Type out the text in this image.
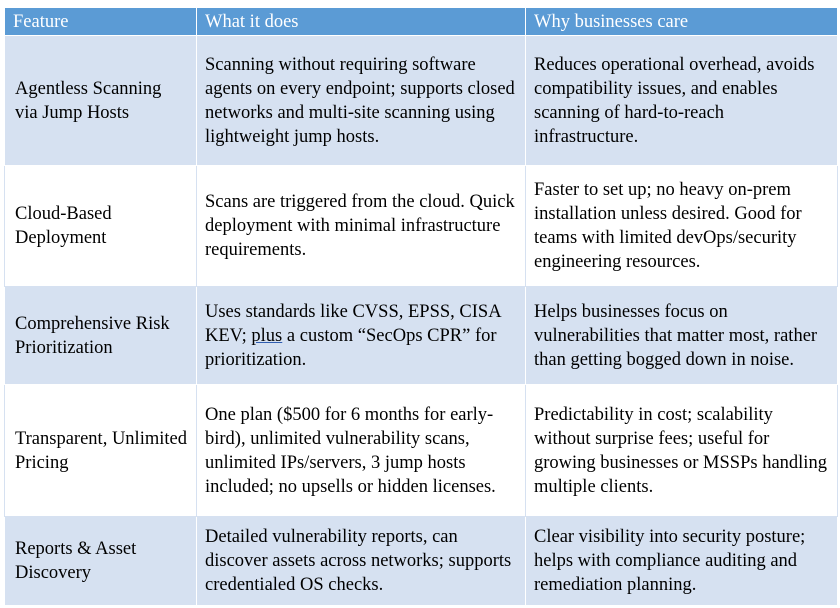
Feature	What it does	Why businesses care
Agentless Scanning via Jump Hosts	Scanning without requiring software agents on every endpoint; supports closed networks and multi-site scanning using lightweight jump hosts.	Reduces operational overhead, avoids compatibility issues, and enables scanning of hard-to-reach infrastructure.
Cloud-Based Deployment	Scans are triggered from the cloud. Quick deployment with minimal infrastructure requirements.	Faster to set up; no heavy on-prem installation unless desired. Good for teams with limited devOps/security engineering resources.
Comprehensive Risk Prioritization	Uses standards like CVSS, EPSS, CISA KEV; plus a custom “SecOps CPR” for prioritization.	Helps businesses focus on vulnerabilities that matter most, rather than getting bogged down in noise.
Transparent, Unlimited Pricing	One plan ($500 for 6 months for early-bird), unlimited vulnerability scans, unlimited IPs/servers, 3 jump hosts included; no upsells or hidden licenses.	Predictability in cost; scalability without surprise fees; useful for growing businesses or MSSPs handling multiple clients.
Reports & Asset Discovery	Detailed vulnerability reports, can discover assets across networks; supports credentialed OS checks.	Clear visibility into security posture; helps with compliance auditing and remediation planning.
